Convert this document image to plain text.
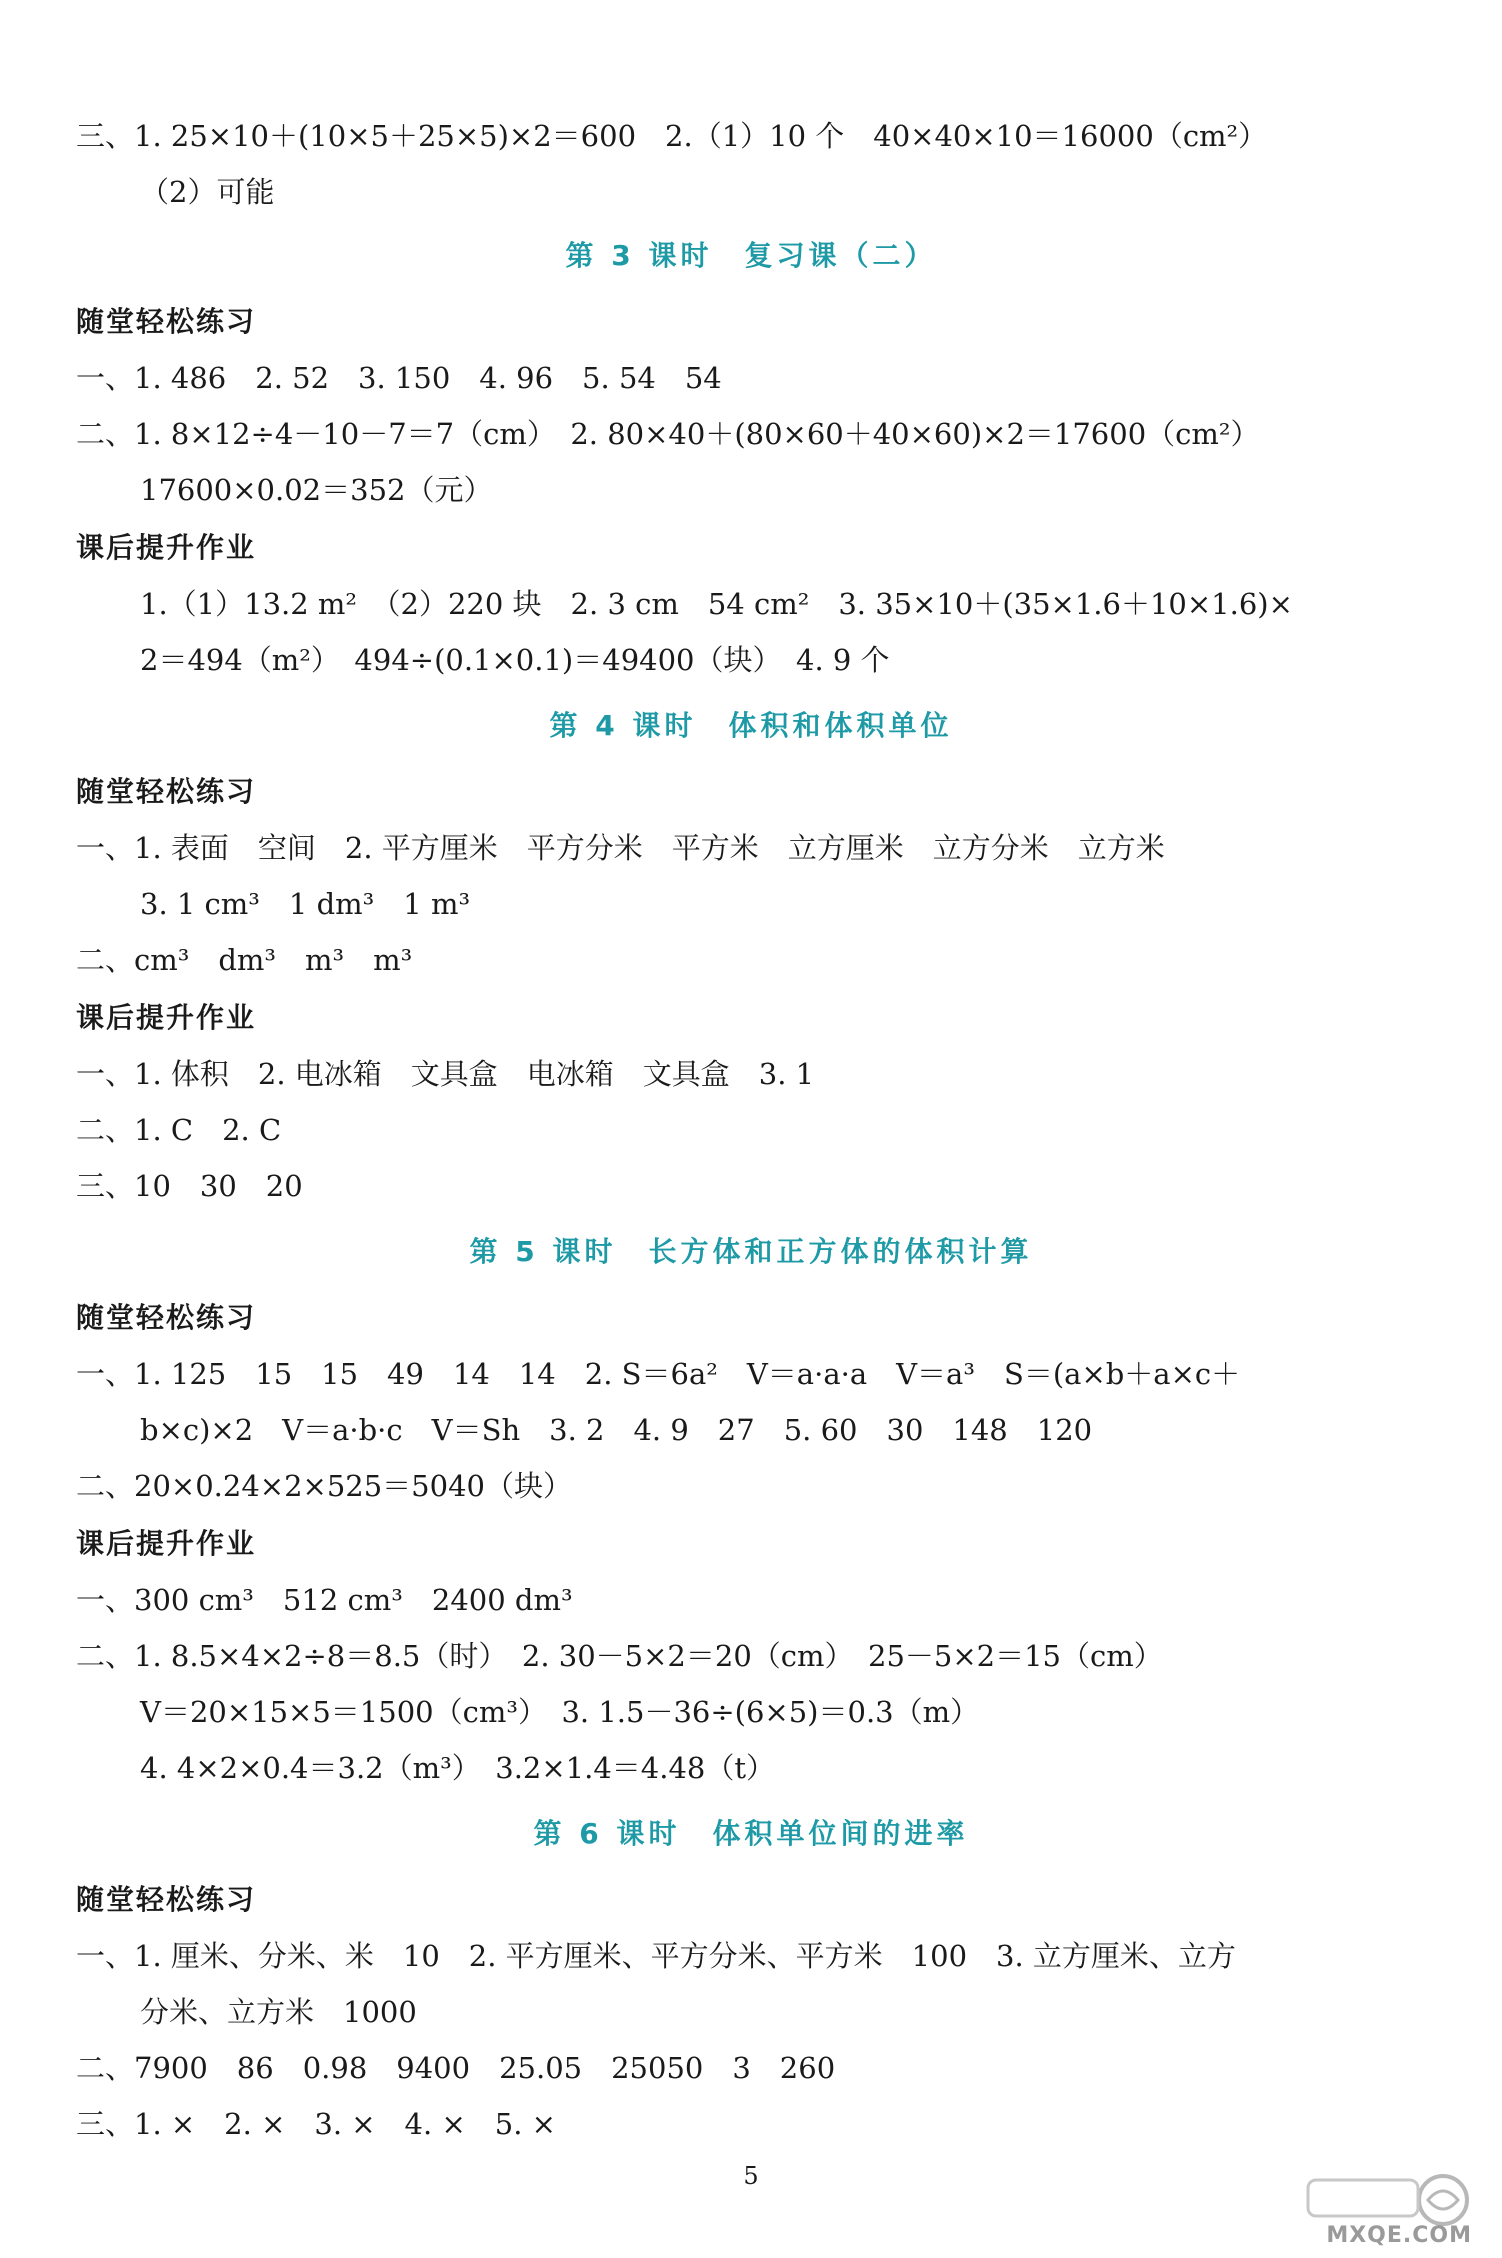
三、1. 25×10＋(10×5＋25×5)×2＝600　2.（1）10 个　40×40×10＝16000（cm²）
（2）可能
第 3 课时　复习课（二）
随堂轻松练习
一、1. 486　2. 52　3. 150　4. 96　5. 54　54
二、1. 8×12÷4－10－7＝7（cm）　2. 80×40＋(80×60＋40×60)×2＝17600（cm²）
17600×0.02＝352（元）
课后提升作业
1.（1）13.2 m²　（2）220 块　2. 3 cm　54 cm²　3. 35×10＋(35×1.6＋10×1.6)×
2＝494（m²）　494÷(0.1×0.1)＝49400（块）　4. 9 个
第 4 课时　体积和体积单位
随堂轻松练习
一、1. 表面　空间　2. 平方厘米　平方分米　平方米　立方厘米　立方分米　立方米
3. 1 cm³　1 dm³　1 m³
二、cm³　dm³　m³　m³
课后提升作业
一、1. 体积　2. 电冰箱　文具盒　电冰箱　文具盒　3. 1
二、1. C　2. C
三、10　30　20
第 5 课时　长方体和正方体的体积计算
随堂轻松练习
一、1. 125　15　15　49　14　14　2. S＝6a²　V＝a·a·a　V＝a³　S＝(a×b＋a×c＋
b×c)×2　V＝a·b·c　V＝Sh　3. 2　4. 9　27　5. 60　30　148　120
二、20×0.24×2×525＝5040（块）
课后提升作业
一、300 cm³　512 cm³　2400 dm³
二、1. 8.5×4×2÷8＝8.5（时）　2. 30－5×2＝20（cm）　25－5×2＝15（cm）
V＝20×15×5＝1500（cm³）　3. 1.5－36÷(6×5)＝0.3（m）
4. 4×2×0.4＝3.2（m³）　3.2×1.4＝4.48（t）
第 6 课时　体积单位间的进率
随堂轻松练习
一、1. 厘米、分米、米　10　2. 平方厘米、平方分米、平方米　100　3. 立方厘米、立方
分米、立方米　1000
二、7900　86　0.98　9400　25.05　25050　3　260
三、1. ×　2. ×　3. ×　4. ×　5. ×
5
MXQE.COM
